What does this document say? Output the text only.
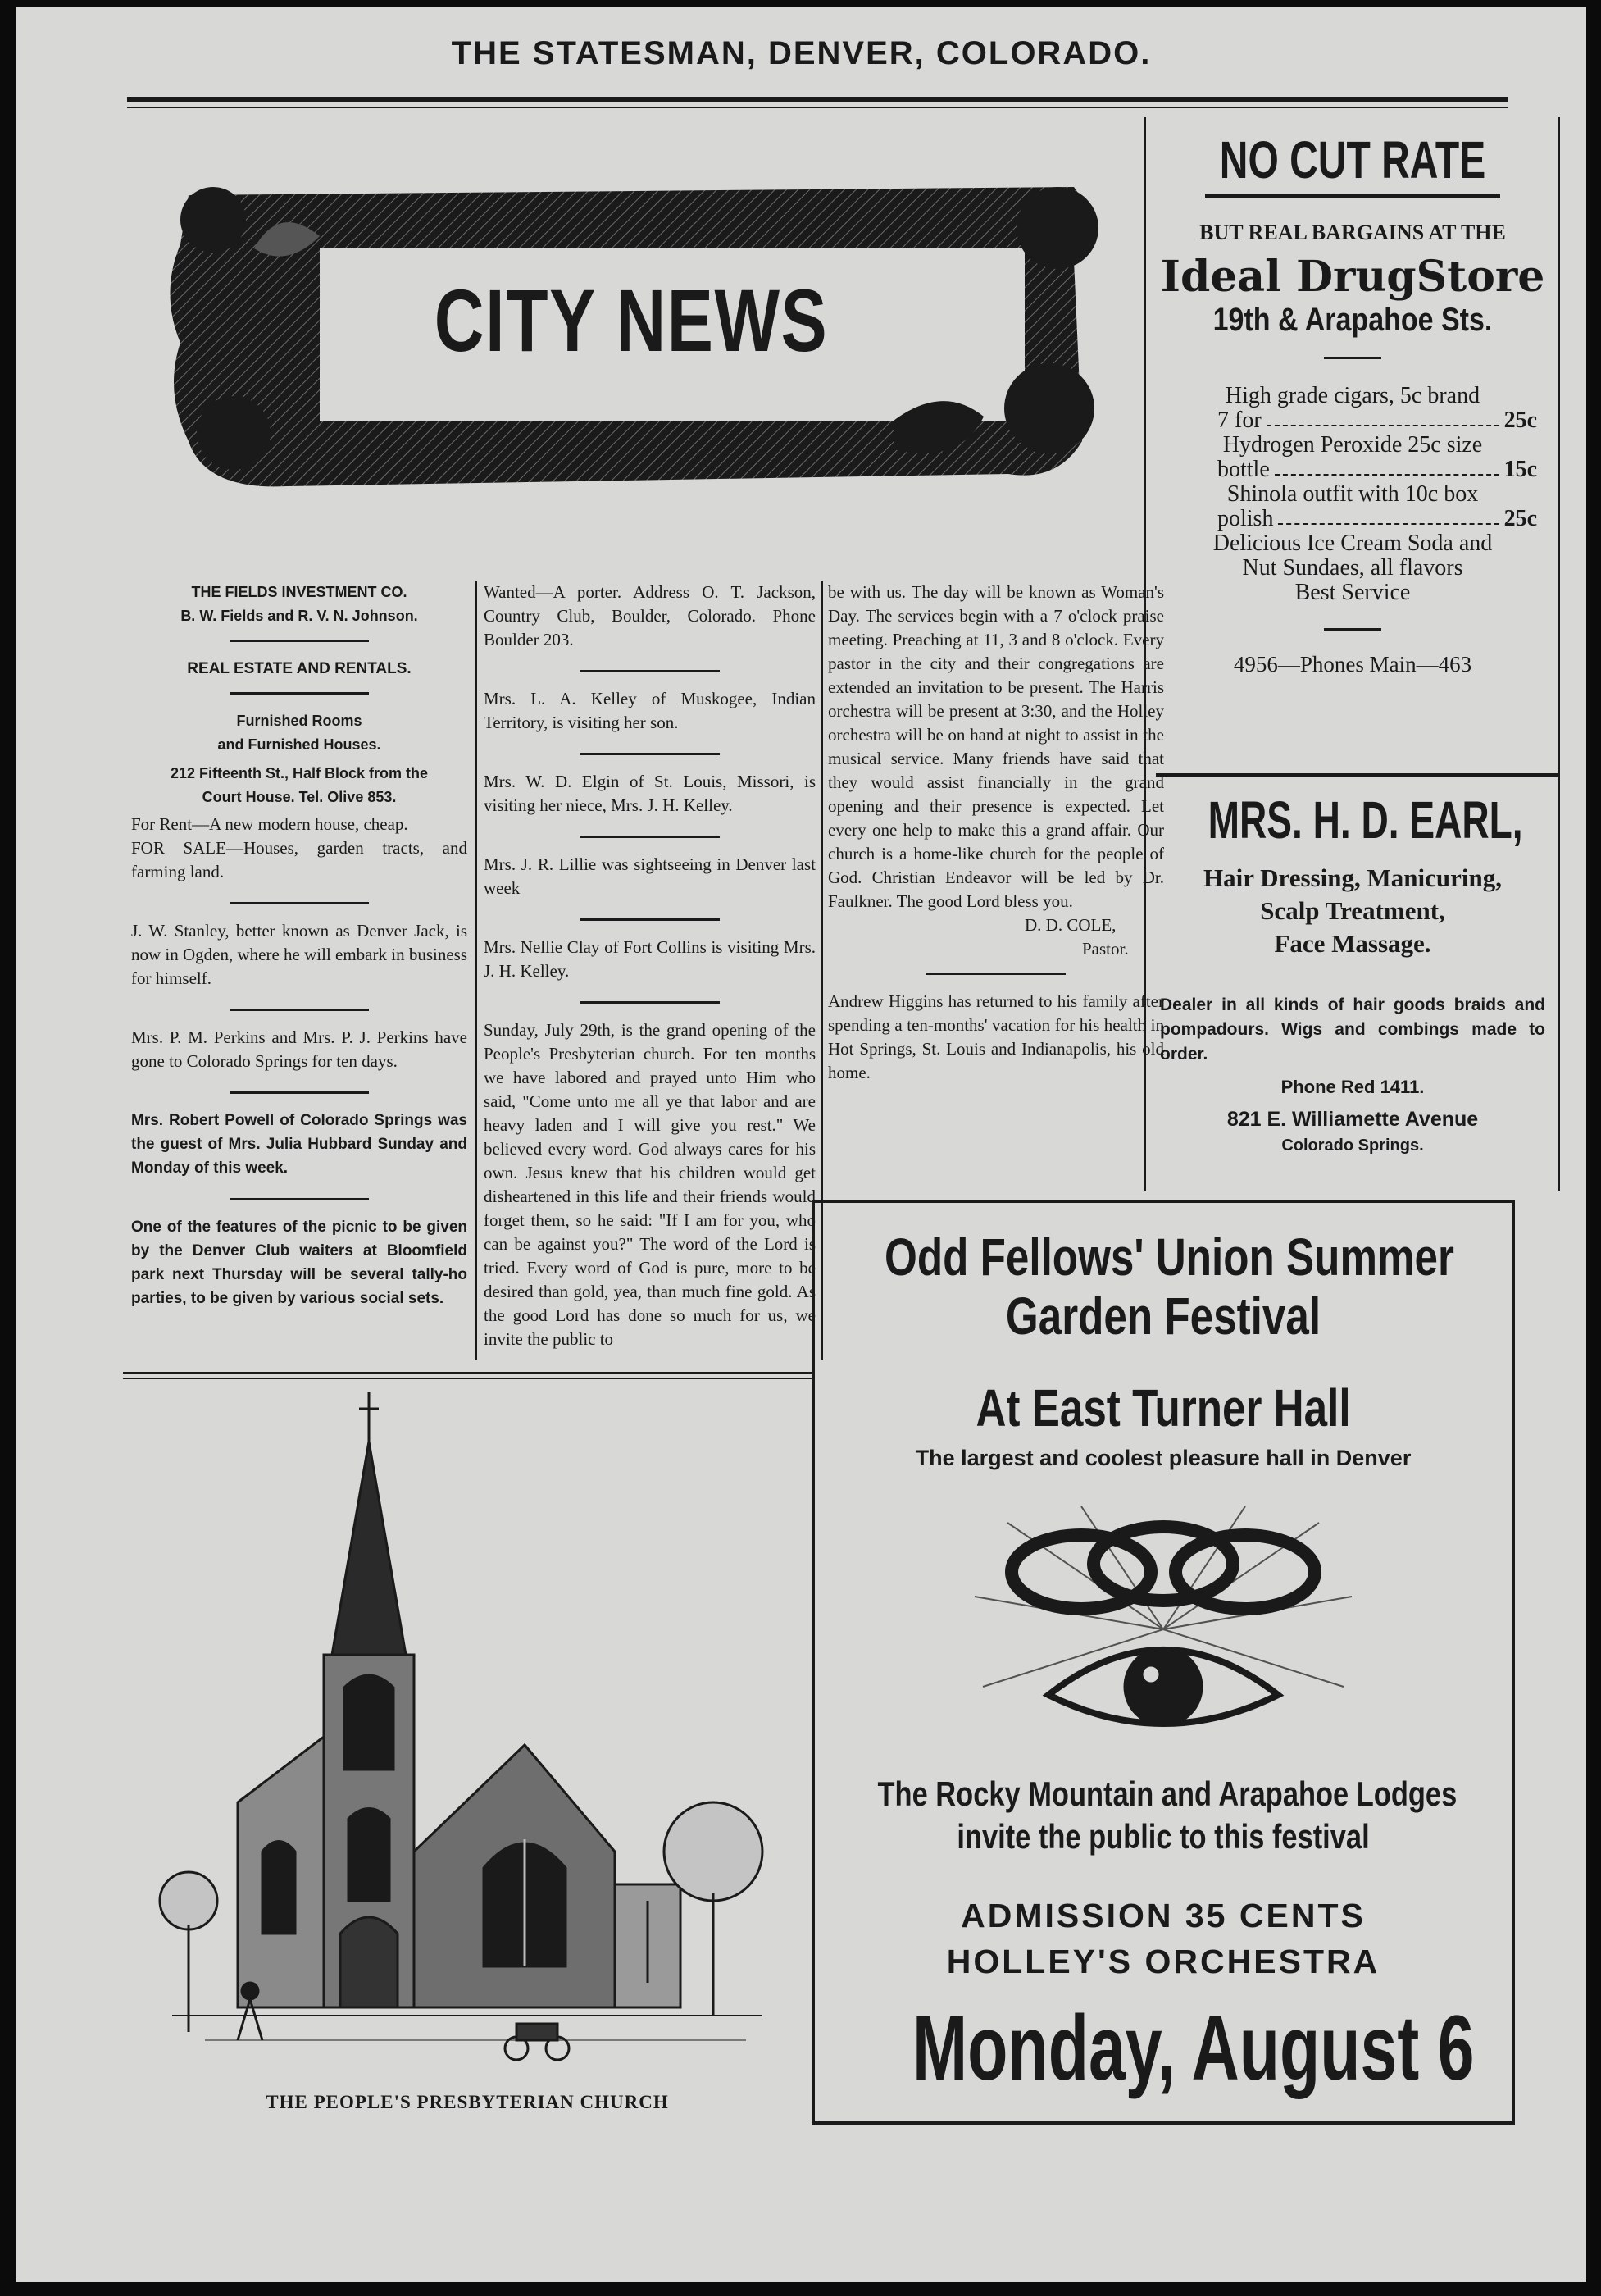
THE STATESMAN, DENVER, COLORADO.
CITY NEWS
NO CUT RATE
BUT REAL BARGAINS AT THE
Ideal DrugStore
19th & Arapahoe Sts.
High grade cigars, 5c brand
7 for	25c
Hydrogen Peroxide 25c size
bottle	15c
Shinola outfit with 10c box
polish	25c
Delicious Ice Cream Soda and
Nut Sundaes, all flavors
Best Service
4956—Phones Main—463
MRS. H. D. EARL,
Hair Dressing, Manicuring,
Scalp Treatment,
Face Massage.
Dealer in all kinds of hair goods braids and pompadours. Wigs and combings made to order.
Phone Red 1411.
821 E. Williamette Avenue
Colorado Springs.
THE FIELDS INVESTMENT CO.
B. W. Fields and R. V. N. Johnson.
REAL ESTATE AND RENTALS.
Furnished Rooms
and Furnished Houses.
212 Fifteenth St., Half Block from the
Court House. Tel. Olive 853.

For Rent—A new modern house, cheap.

FOR SALE—Houses, garden tracts, and farming land.

J. W. Stanley, better known as Denver Jack, is now in Ogden, where he will embark in business for himself.

Mrs. P. M. Perkins and Mrs. P. J. Perkins have gone to Colorado Springs for ten days.

Mrs. Robert Powell of Colorado Springs was the guest of Mrs. Julia Hubbard Sunday and Monday of this week.

One of the features of the picnic to be given by the Denver Club waiters at Bloomfield park next Thursday will be several tally-ho parties, to be given by various social sets.

Wanted—A porter. Address O. T. Jackson, Country Club, Boulder, Colorado. Phone Boulder 203.

Mrs. L. A. Kelley of Muskogee, Indian Territory, is visiting her son.

Mrs. W. D. Elgin of St. Louis, Missori, is visiting her niece, Mrs. J. H. Kelley.

Mrs. J. R. Lillie was sightseeing in Denver last week

Mrs. Nellie Clay of Fort Collins is visiting Mrs. J. H. Kelley.

Sunday, July 29th, is the grand opening of the People's Presbyterian church. For ten months we have labored and prayed unto Him who said, "Come unto me all ye that labor and are heavy laden and I will give you rest." We believed every word. God always cares for his own. Jesus knew that his children would get disheartened in this life and their friends would forget them, so he said: "If I am for you, who can be against you?" The word of the Lord is tried. Every word of God is pure, more to be desired than gold, yea, than much fine gold. As the good Lord has done so much for us, we invite the public to

be with us. The day will be known as Woman's Day. The services begin with a 7 o'clock praise meeting. Preaching at 11, 3 and 8 o'clock. Every pastor in the city and their congregations are extended an invitation to be present. The Harris orchestra will be present at 3:30, and the Holley orchestra will be on hand at night to assist in the musical service. Many friends have said that they would assist financially in the grand opening and their presence is expected. Let every one help to make this a grand affair. Our church is a home-like church for the people of God. Christian Endeavor will be led by Dr. Faulkner. The good Lord bless you.

D. D. COLE,
Pastor.

Andrew Higgins has returned to his family after spending a ten-months' vacation for his health in Hot Springs, St. Louis and Indianapolis, his old home.

THE PEOPLE'S PRESBYTERIAN CHURCH
Odd Fellows' Union Summer
Garden Festival
At East Turner Hall
The largest and coolest pleasure hall in Denver
The Rocky Mountain and Arapahoe Lodges
invite the public to this festival
ADMISSION 35 CENTS
HOLLEY'S ORCHESTRA
Monday, August 6
